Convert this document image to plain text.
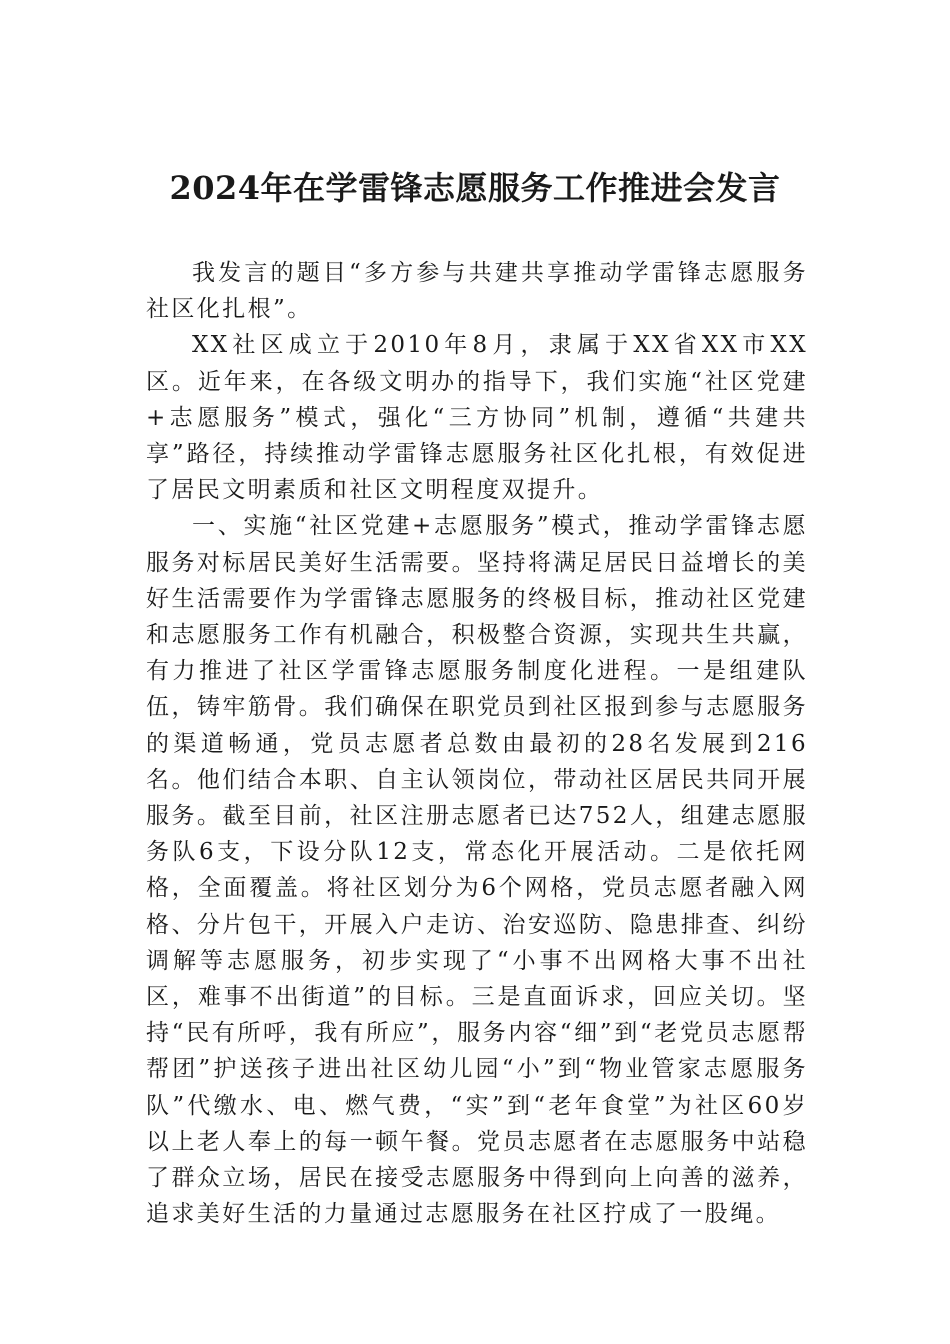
2024年在学雷锋志愿服务工作推进会发言

我发言的题目“多方参与共建共享推动学雷锋志愿服务社区化扎根”。

XX社区成立于2010年8月，隶属于XX省XX市XX区。近年来，在各级文明办的指导下，我们实施“社区党建+志愿服务”模式，强化“三方协同”机制，遵循“共建共享”路径，持续推动学雷锋志愿服务社区化扎根，有效促进了居民文明素质和社区文明程度双提升。

一、实施“社区党建+志愿服务”模式，推动学雷锋志愿服务对标居民美好生活需要。坚持将满足居民日益增长的美好生活需要作为学雷锋志愿服务的终极目标，推动社区党建和志愿服务工作有机融合，积极整合资源，实现共生共赢，有力推进了社区学雷锋志愿服务制度化进程。一是组建队伍，铸牢筋骨。我们确保在职党员到社区报到参与志愿服务的渠道畅通，党员志愿者总数由最初的28名发展到216名。他们结合本职、自主认领岗位，带动社区居民共同开展服务。截至目前，社区注册志愿者已达752人，组建志愿服务队6支，下设分队12支，常态化开展活动。二是依托网格，全面覆盖。将社区划分为6个网格，党员志愿者融入网格、分片包干，开展入户走访、治安巡防、隐患排查、纠纷调解等志愿服务，初步实现了“小事不出网格大事不出社区，难事不出街道”的目标。三是直面诉求，回应关切。坚持“民有所呼，我有所应”，服务内容“细”到“老党员志愿帮帮团”护送孩子进出社区幼儿园“小”到“物业管家志愿服务队”代缴水、电、燃气费，“实”到“老年食堂”为社区60岁以上老人奉上的每一顿午餐。党员志愿者在志愿服务中站稳了群众立场，居民在接受志愿服务中得到向上向善的滋养，追求美好生活的力量通过志愿服务在社区拧成了一股绳。
